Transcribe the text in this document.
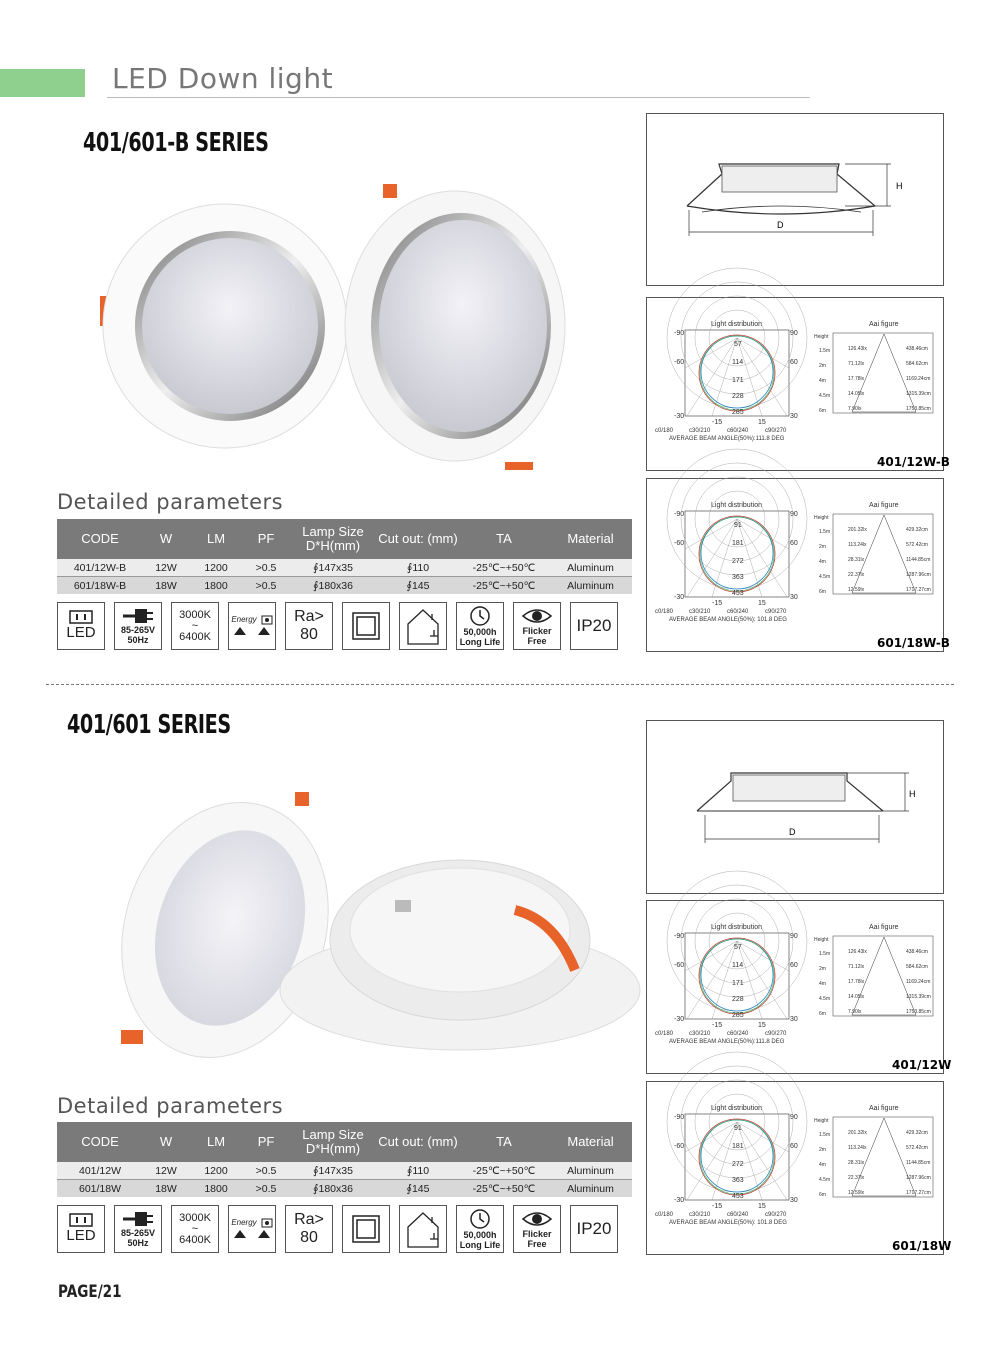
LED Down light
401/601-B SERIES
Detailed parameters
CODE	W	LM	PF	Lamp Size D*H(mm)	Cut out: (mm)	TA	Material
401/12W-B	12W	1200	>0.5	∮147x35	∮110	-25℃~+50℃	Aluminum
601/18W-B	18W	1800	>0.5	∮180x36	∮145	-25℃~+50℃	Aluminum
LED	85-265V
50Hz
3000K
~
6400K
Energy Ra>
80	50,000h
Long Life
Flicker
Free
IP20
H
D
Light distribution	Aai figure
-90	90
-60	60
-30	30
-15	15
57
114
171
228
285
c0/180	c30/210	c60/240	c90/270
AVERAGE BEAM ANGLE(50%):111.8 DEG
Height
1.5m
2m
4m
4.5m
6m
126.43lx
71.12lx
17.78lx
14.05lx
7.90lx
438.46cm
584.62cm
1169.24cm
1315.39cm
1753.85cm
401/12W-B
Light distribution	Aai figure
-90	90
-60	60
-30	30
-15	15
91
181
272
363
453
c0/180	c30/210	c60/240	c90/270
AVERAGE BEAM ANGLE(50%): 101.8 DEG
Height
1.5m
2m
4m
4.5m
6m
201.32lx
113.24lx
28.31lx
22.37lx
12.59lx
429.32cm
572.42cm
1144.85cm
1287.96cm
1717.27cm
601/18W-B
401/601 SERIES
Detailed parameters
CODE	W	LM	PF	Lamp Size D*H(mm)	Cut out: (mm)	TA	Material
401/12W	12W	1200	>0.5	∮147x35	∮110	-25℃~+50℃	Aluminum
601/18W	18W	1800	>0.5	∮180x36	∮145	-25℃~+50℃	Aluminum
LED	85-265V
50Hz
3000K
~
6400K
Energy Ra>
80	50,000h
Long Life
Flicker
Free
IP20
H
D
Light distribution	Aai figure
-90	90
-60	60
-30	30
-15	15
57
114
171
228
285
c0/180	c30/210	c60/240	c90/270
AVERAGE BEAM ANGLE(50%):111.8 DEG
Height
1.5m
2m
4m
4.5m
6m
126.43lx
71.12lx
17.78lx
14.05lx
7.90lx
438.46cm
584.62cm
1169.24cm
1315.39cm
1753.85cm
401/12W
Light distribution	Aai figure
-90	90
-60	60
-30	30
-15	15
91
181
272
363
453
c0/180	c30/210	c60/240	c90/270
AVERAGE BEAM ANGLE(50%): 101.8 DEG
Height
1.5m
2m
4m
4.5m
6m
201.32lx
113.24lx
28.31lx
22.37lx
12.59lx
429.32cm
572.42cm
1144.85cm
1287.96cm
1717.27cm
601/18W
PAGE/21
